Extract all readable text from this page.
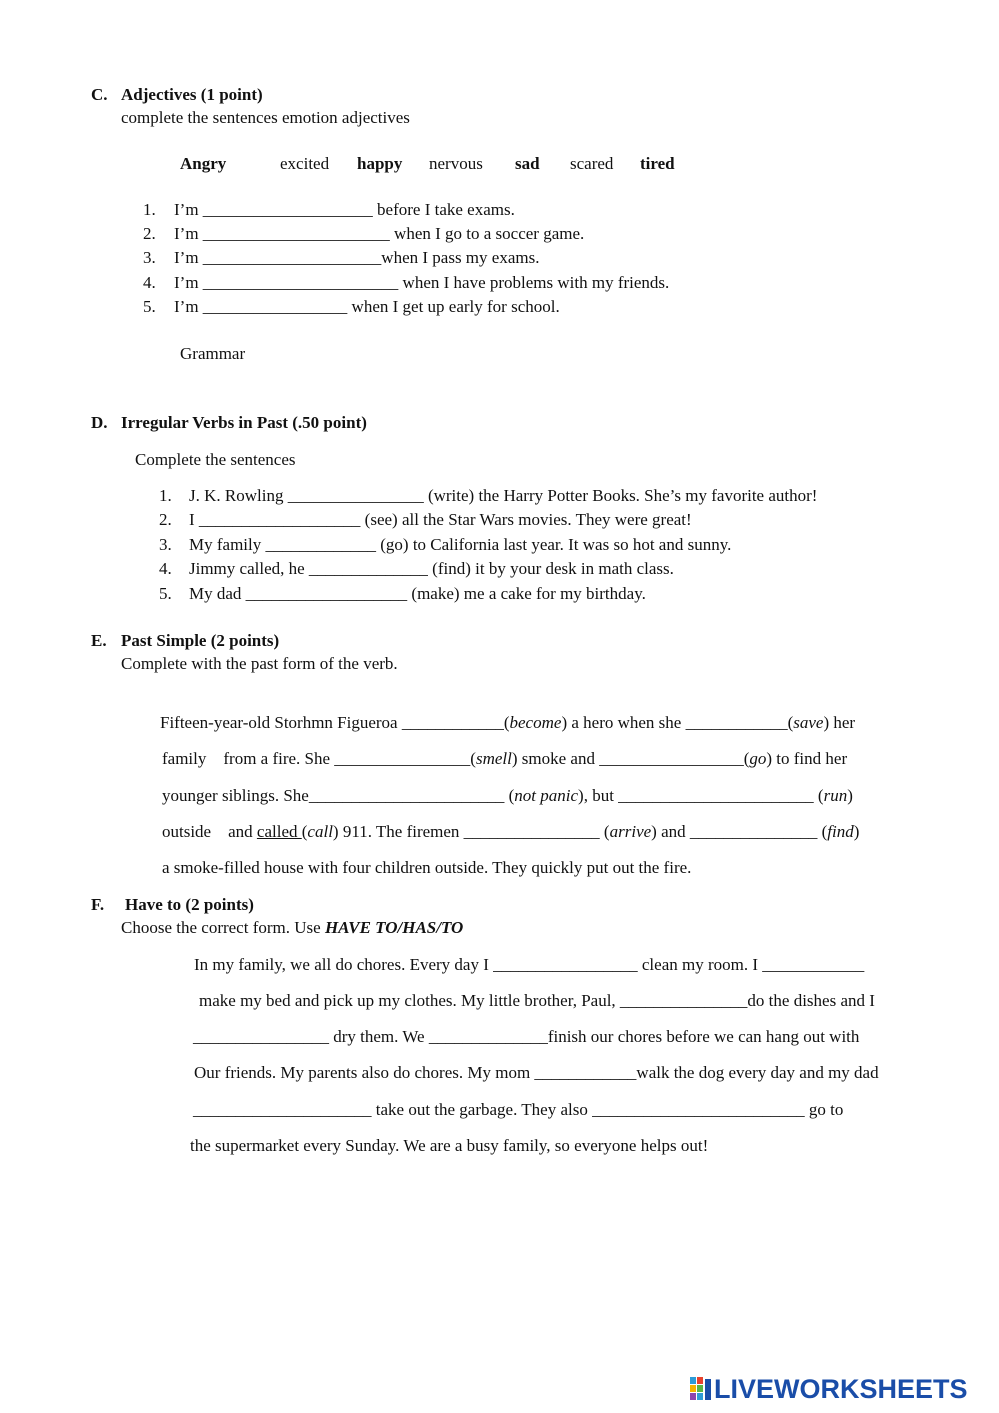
C. Adjectives (1 point)
complete the sentences emotion adjectives
Angry	excited happy nervous sad scared tired
1. I’m ____________________ before I take exams.
2. I’m ______________________ when I go to a soccer game.
3. I’m _____________________when I pass my exams.
4. I’m _______________________ when I have problems with my friends.
5. I’m _________________ when I get up early for school.
Grammar
D. Irregular Verbs in Past (.50 point)
Complete the sentences
1. J. K. Rowling ________________ (write) the Harry Potter Books. She’s my favorite author!
2. I ___________________ (see) all the Star Wars movies. They were great!
3. My family _____________ (go) to California last year. It was so hot and sunny.
4. Jimmy called, he ______________ (find) it by your desk in math class.
5. My dad ___________________ (make) me a cake for my birthday.
E. Past Simple (2 points)
Complete with the past form of the verb.
Fifteen-year-old Storhmn Figueroa ____________(become) a hero when she ____________(save) her
family    from a fire. She ________________(smell) smoke and _________________(go) to find her
younger siblings. She_______________________ (not panic), but _______________________ (run)
outside    and called (call) 911. The firemen ________________ (arrive) and _______________ (find)
a smoke-filled house with four children outside. They quickly put out the fire.
F. Have to (2 points)
Choose the correct form. Use HAVE TO/HAS/TO
In my family, we all do chores. Every day I _________________ clean my room. I ____________
make my bed and pick up my clothes. My little brother, Paul, _______________do the dishes and I
________________ dry them. We ______________finish our chores before we can hang out with
Our friends. My parents also do chores. My mom ____________walk the dog every day and my dad
_____________________ take out the garbage. They also _________________________ go to
the supermarket every Sunday. We are a busy family, so everyone helps out!
LIVEWORKSHEETS
